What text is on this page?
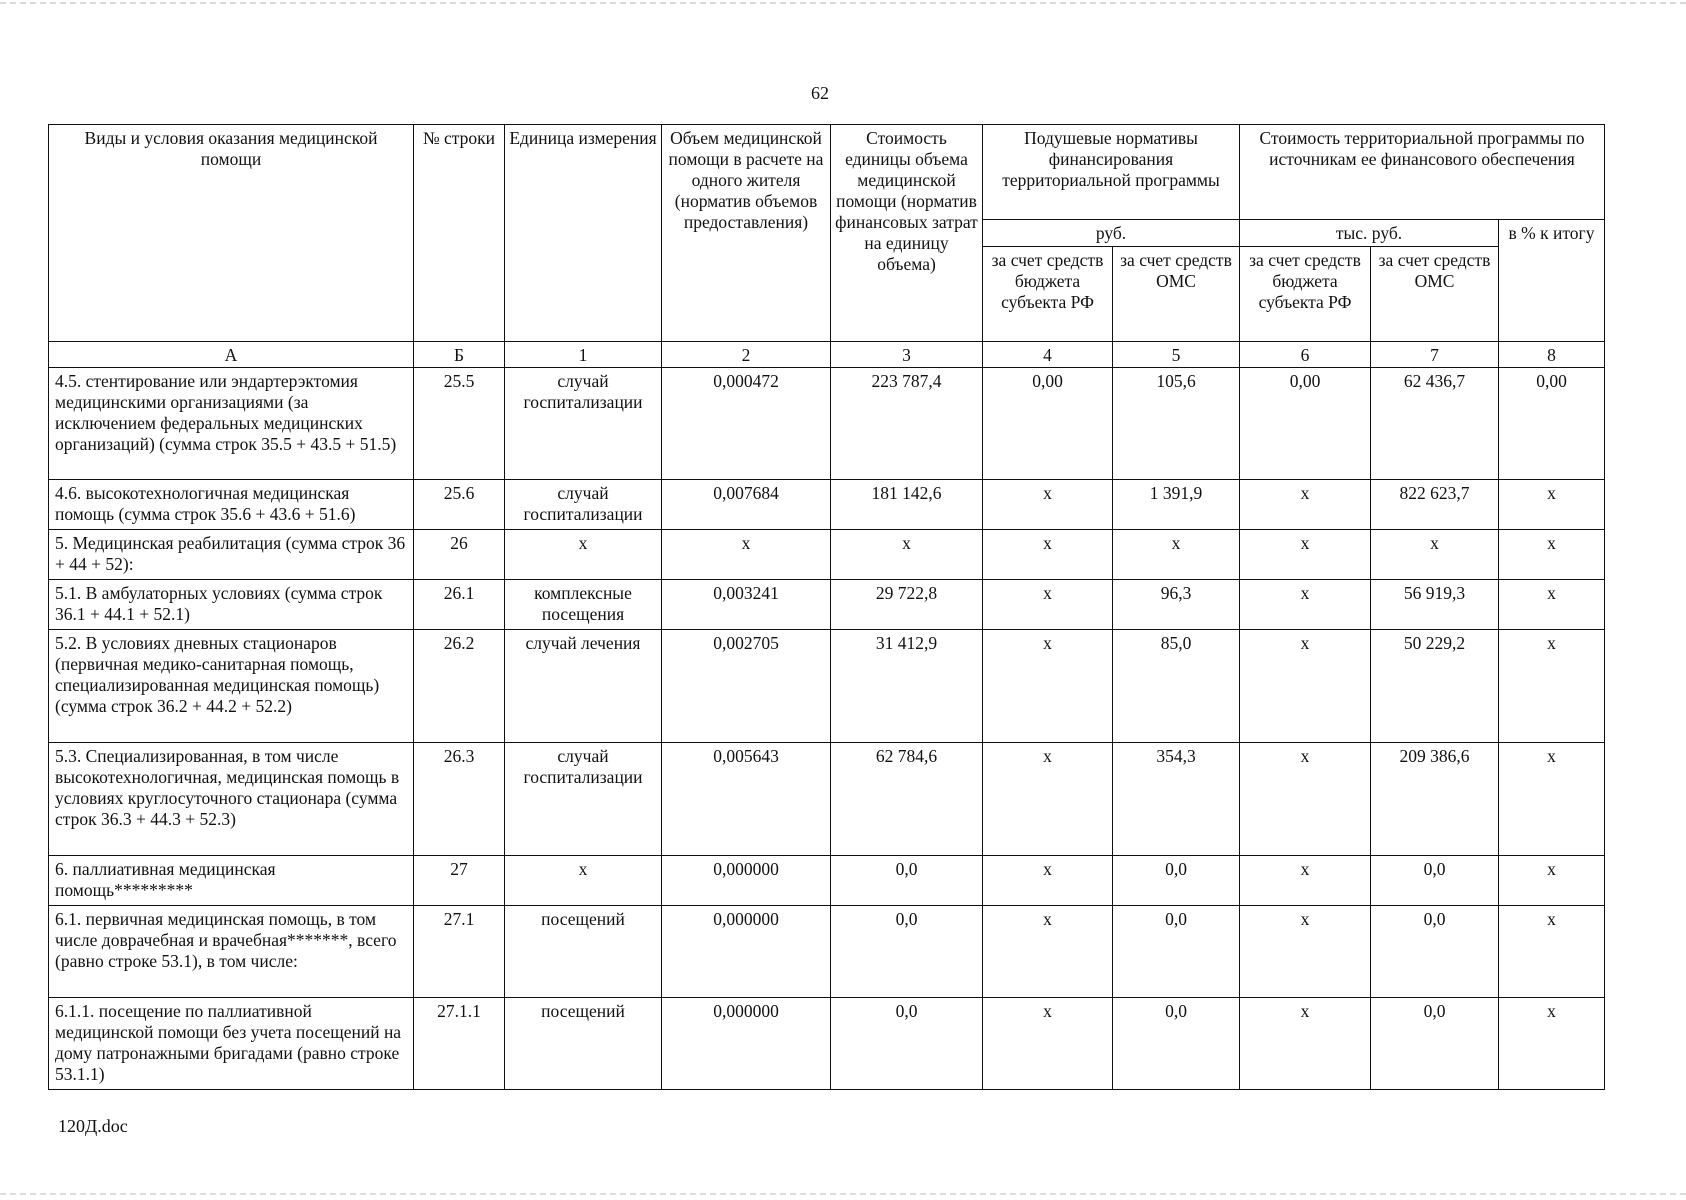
62
Виды и условия оказания медицинской помощи	№ строки	Единица измерения	Объем медицинской помощи в расчете на одного жителя (норматив объемов предоставления)	Стоимость единицы объема медицинской помощи (норматив финансовых затрат на единицу объема)	Подушевые нормативы финансирования территориальной программы		Стоимость территориальной программы по источникам ее финансового обеспечения		
					руб.		тыс. руб.		в % к итогу
					за счет средств бюджета субъекта РФ	за счет средств ОМС	за счет средств бюджета субъекта РФ	за счет средств ОМС	
А	Б	1	2	3	4	5	6	7	8
4.5. стентирование или эндартерэктомия медицинскими организациями (за исключением федеральных медицинских организаций) (сумма строк 35.5 + 43.5 + 51.5)	25.5	случай госпитализации	0,000472	223 787,4	0,00	105,6	0,00	62 436,7	0,00
4.6. высокотехнологичная медицинская помощь (сумма строк 35.6 + 43.6 + 51.6)	25.6	случай госпитализации	0,007684	181 142,6	х	1 391,9	х	822 623,7	х
5. Медицинская реабилитация (сумма строк 36 + 44 + 52):	26	х	х	х	х	х	х	х	х
5.1. В амбулаторных условиях (сумма строк 36.1 + 44.1 + 52.1)	26.1	комплексные посещения	0,003241	29 722,8	х	96,3	х	56 919,3	х
5.2. В условиях дневных стационаров (первичная медико-санитарная помощь, специализированная медицинская помощь) (сумма строк 36.2 + 44.2 + 52.2)	26.2	случай лечения	0,002705	31 412,9	х	85,0	х	50 229,2	х
5.3. Специализированная, в том числе высокотехнологичная, медицинская помощь в условиях круглосуточного стационара (сумма строк 36.3 + 44.3 + 52.3)	26.3	случай госпитализации	0,005643	62 784,6	х	354,3	х	209 386,6	х
6. паллиативная медицинская помощь*********	27	х	0,000000	0,0	х	0,0	х	0,0	х
6.1. первичная медицинская помощь, в том числе доврачебная и врачебная*******, всего (равно строке 53.1), в том числе:	27.1	посещений	0,000000	0,0	х	0,0	х	0,0	х
6.1.1. посещение по паллиативной медицинской помощи без учета посещений на дому патронажными бригадами (равно строке 53.1.1)	27.1.1	посещений	0,000000	0,0	х	0,0	х	0,0	х
120Д.doc
